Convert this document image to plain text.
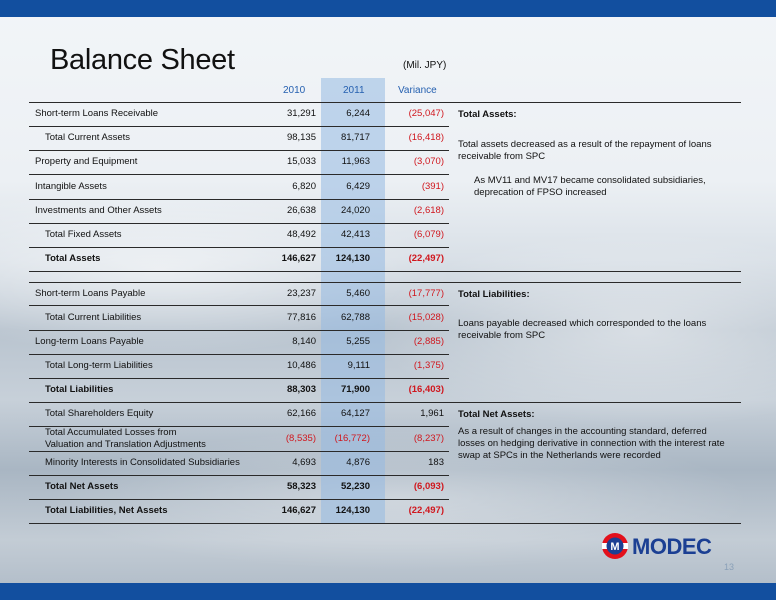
Balance Sheet	(Mil. JPY)
2010	2011	Variance
Short-term Loans Receivable	31,291	6,244	(25,047)
Total Current Assets	98,135	81,717	(16,418)
Property and Equipment	15,033	11,963	(3,070)
Intangible Assets	6,820	6,429	(391)
Investments and Other Assets	26,638	24,020	(2,618)
Total Fixed Assets	48,492	42,413	(6,079)
Total Assets	146,627	124,130	(22,497)
Short-term Loans Payable	23,237	5,460	(17,777)
Total Current Liabilities	77,816	62,788	(15,028)
Long-term Loans Payable	8,140	5,255	(2,885)
Total Long-term Liabilities	10,486	9,111	(1,375)
Total Liabilities	88,303	71,900	(16,403)
Total Shareholders Equity	62,166	64,127	1,961
Total Accumulated Losses from
Valuation and Translation Adjustments
(8,535)	(16,772)	(8,237)
Minority Interests in Consolidated Subsidiaries	4,693	4,876	183
Total Net Assets	58,323	52,230	(6,093)
Total Liabilities, Net Assets	146,627	124,130	(22,497)
Total Assets:
Total assets decreased as a result of the repayment of loans receivable from SPC
As MV11 and MV17 became consolidated subsidiaries, deprecation of FPSO increased
Total Liabilities:
Loans payable decreased which corresponded to the loans receivable from SPC
Total Net Assets:
As a result of changes in the accounting standard, deferred losses on hedging derivative in connection with the interest rate swap at SPCs in the Netherlands were recorded
M MODEC
13
